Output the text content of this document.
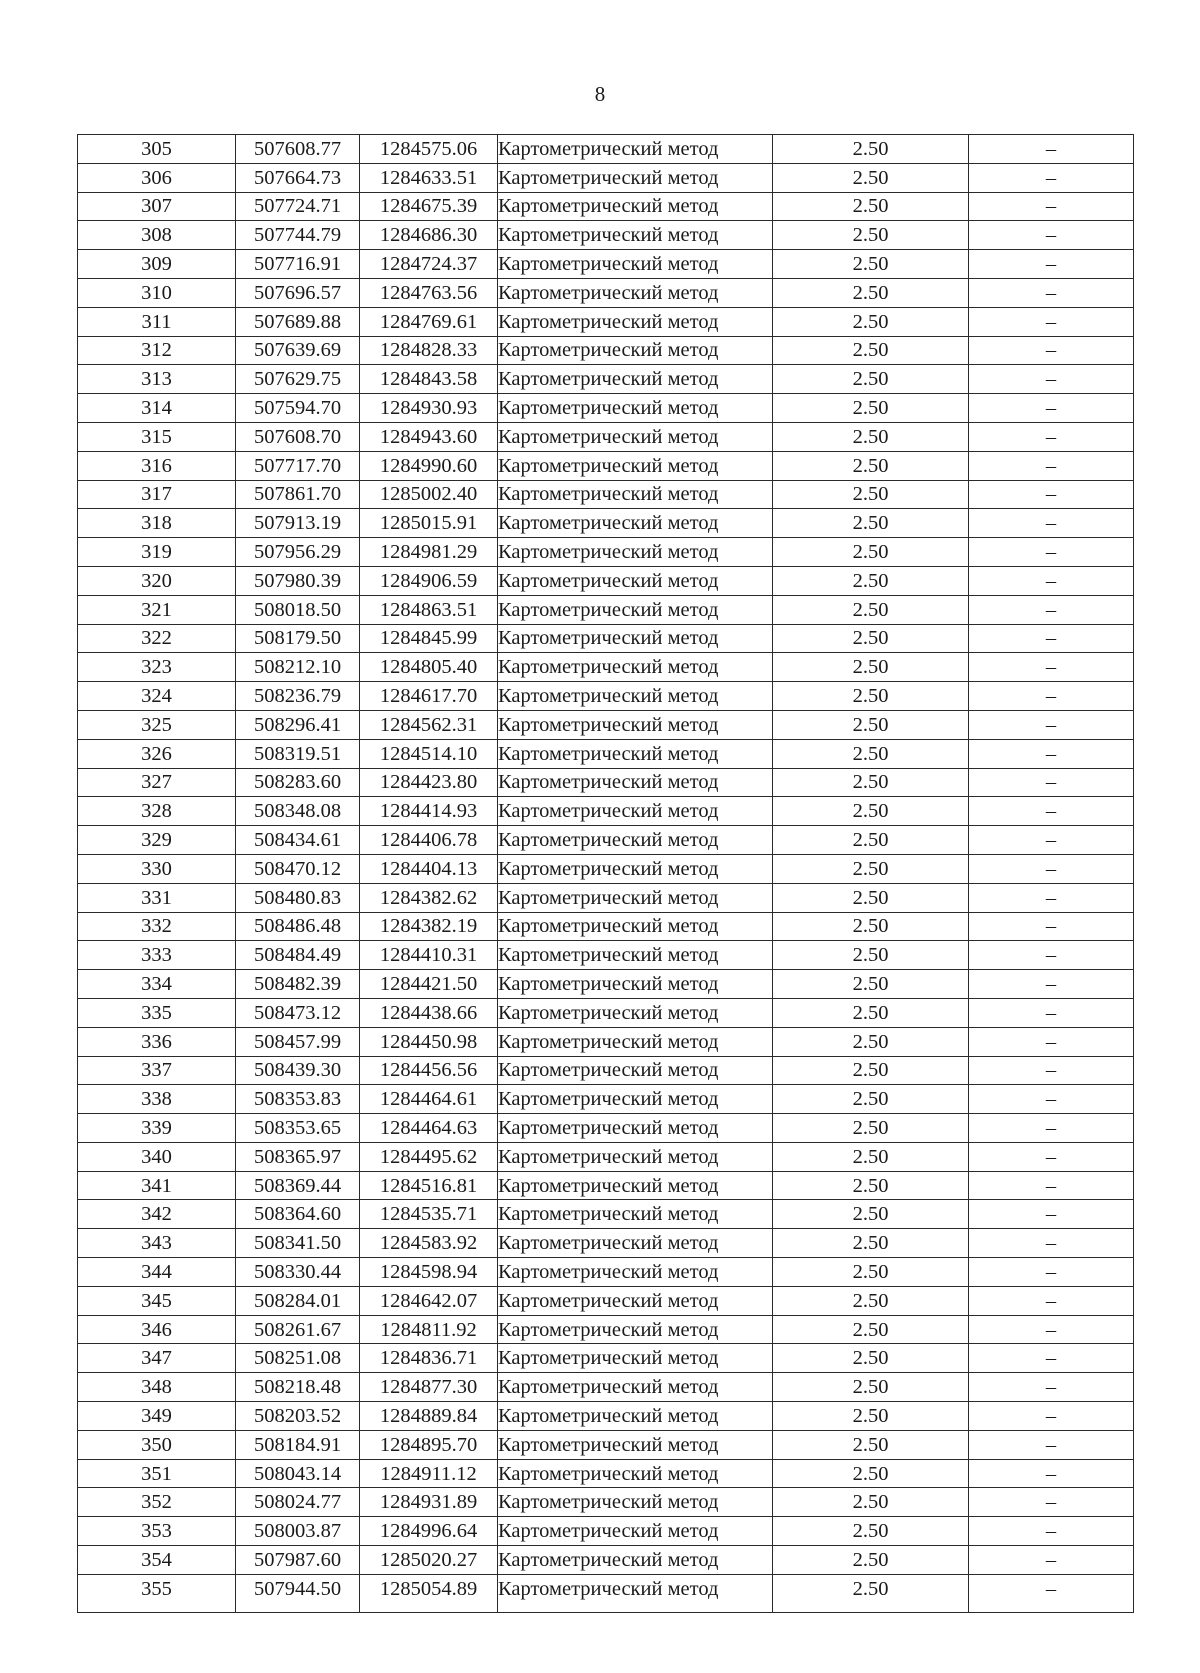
8
305	507608.77	1284575.06	Картометрический метод	2.50	–
306	507664.73	1284633.51	Картометрический метод	2.50	–
307	507724.71	1284675.39	Картометрический метод	2.50	–
308	507744.79	1284686.30	Картометрический метод	2.50	–
309	507716.91	1284724.37	Картометрический метод	2.50	–
310	507696.57	1284763.56	Картометрический метод	2.50	–
311	507689.88	1284769.61	Картометрический метод	2.50	–
312	507639.69	1284828.33	Картометрический метод	2.50	–
313	507629.75	1284843.58	Картометрический метод	2.50	–
314	507594.70	1284930.93	Картометрический метод	2.50	–
315	507608.70	1284943.60	Картометрический метод	2.50	–
316	507717.70	1284990.60	Картометрический метод	2.50	–
317	507861.70	1285002.40	Картометрический метод	2.50	–
318	507913.19	1285015.91	Картометрический метод	2.50	–
319	507956.29	1284981.29	Картометрический метод	2.50	–
320	507980.39	1284906.59	Картометрический метод	2.50	–
321	508018.50	1284863.51	Картометрический метод	2.50	–
322	508179.50	1284845.99	Картометрический метод	2.50	–
323	508212.10	1284805.40	Картометрический метод	2.50	–
324	508236.79	1284617.70	Картометрический метод	2.50	–
325	508296.41	1284562.31	Картометрический метод	2.50	–
326	508319.51	1284514.10	Картометрический метод	2.50	–
327	508283.60	1284423.80	Картометрический метод	2.50	–
328	508348.08	1284414.93	Картометрический метод	2.50	–
329	508434.61	1284406.78	Картометрический метод	2.50	–
330	508470.12	1284404.13	Картометрический метод	2.50	–
331	508480.83	1284382.62	Картометрический метод	2.50	–
332	508486.48	1284382.19	Картометрический метод	2.50	–
333	508484.49	1284410.31	Картометрический метод	2.50	–
334	508482.39	1284421.50	Картометрический метод	2.50	–
335	508473.12	1284438.66	Картометрический метод	2.50	–
336	508457.99	1284450.98	Картометрический метод	2.50	–
337	508439.30	1284456.56	Картометрический метод	2.50	–
338	508353.83	1284464.61	Картометрический метод	2.50	–
339	508353.65	1284464.63	Картометрический метод	2.50	–
340	508365.97	1284495.62	Картометрический метод	2.50	–
341	508369.44	1284516.81	Картометрический метод	2.50	–
342	508364.60	1284535.71	Картометрический метод	2.50	–
343	508341.50	1284583.92	Картометрический метод	2.50	–
344	508330.44	1284598.94	Картометрический метод	2.50	–
345	508284.01	1284642.07	Картометрический метод	2.50	–
346	508261.67	1284811.92	Картометрический метод	2.50	–
347	508251.08	1284836.71	Картометрический метод	2.50	–
348	508218.48	1284877.30	Картометрический метод	2.50	–
349	508203.52	1284889.84	Картометрический метод	2.50	–
350	508184.91	1284895.70	Картометрический метод	2.50	–
351	508043.14	1284911.12	Картометрический метод	2.50	–
352	508024.77	1284931.89	Картометрический метод	2.50	–
353	508003.87	1284996.64	Картометрический метод	2.50	–
354	507987.60	1285020.27	Картометрический метод	2.50	–
355	507944.50	1285054.89	Картометрический метод	2.50	–
